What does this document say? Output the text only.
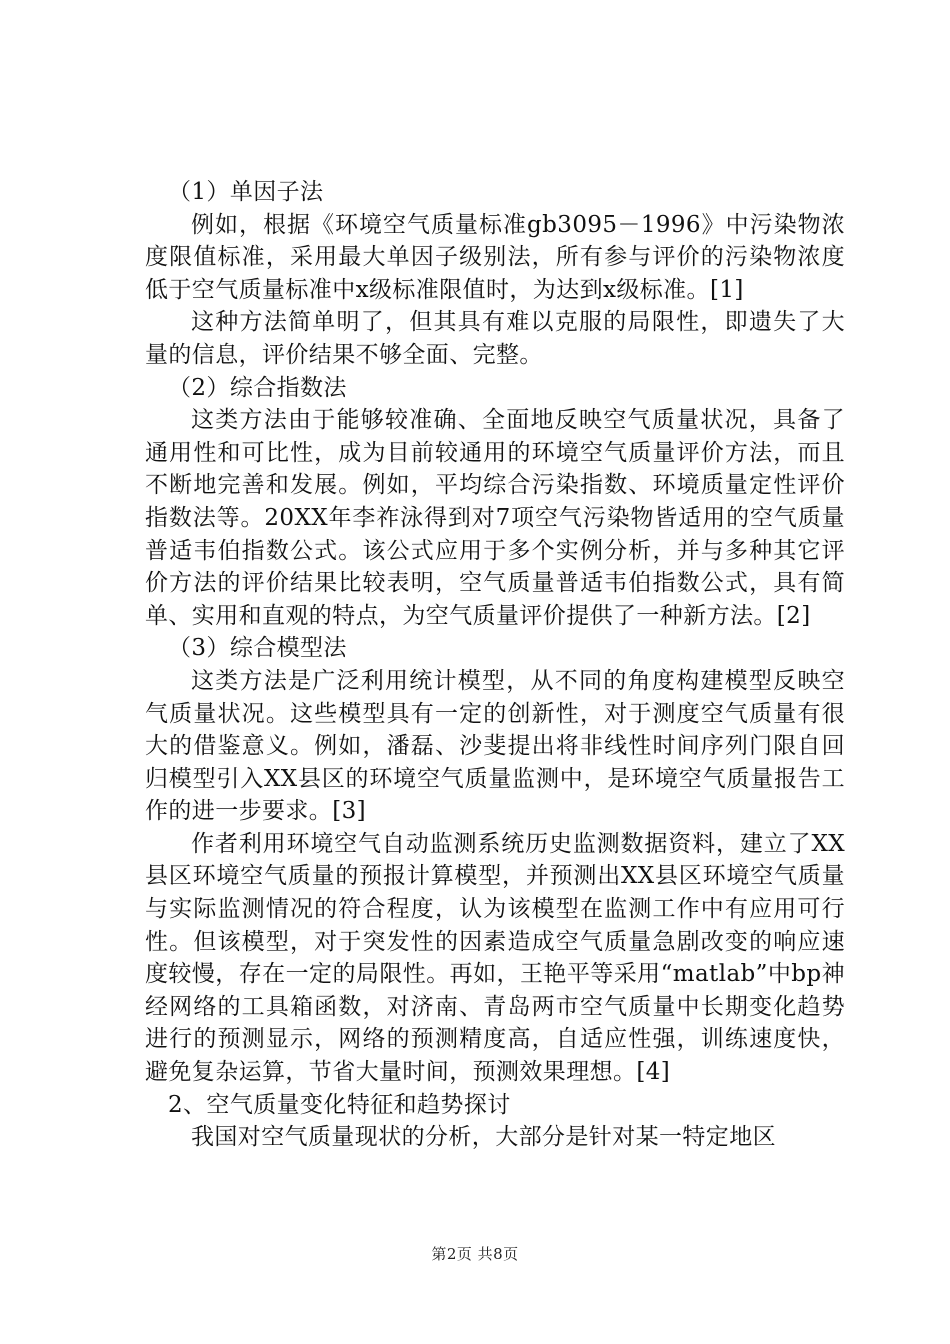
（1）单因子法

例如，根据《环境空气质量标准gb3095－1996》中污染物浓度限值标准，采用最大单因子级别法，所有参与评价的污染物浓度低于空气质量标准中x级标准限值时，为达到x级标准。[1]

这种方法简单明了，但其具有难以克服的局限性，即遗失了大量的信息，评价结果不够全面、完整。

（2）综合指数法

这类方法由于能够较准确、全面地反映空气质量状况，具备了通用性和可比性，成为目前较通用的环境空气质量评价方法，而且不断地完善和发展。例如，平均综合污染指数、环境质量定性评价指数法等。20XX年李祚泳得到对7项空气污染物皆适用的空气质量普适韦伯指数公式。该公式应用于多个实例分析，并与多种其它评价方法的评价结果比较表明，空气质量普适韦伯指数公式，具有简单、实用和直观的特点，为空气质量评价提供了一种新方法。[2]

（3）综合模型法

这类方法是广泛利用统计模型，从不同的角度构建模型反映空气质量状况。这些模型具有一定的创新性，对于测度空气质量有很大的借鉴意义。例如，潘磊、沙斐提出将非线性时间序列门限自回归模型引入XX县区的环境空气质量监测中，是环境空气质量报告工作的进一步要求。[3]

作者利用环境空气自动监测系统历史监测数据资料，建立了XX县区环境空气质量的预报计算模型，并预测出XX县区环境空气质量与实际监测情况的符合程度，认为该模型在监测工作中有应用可行性。但该模型，对于突发性的因素造成空气质量急剧改变的响应速度较慢，存在一定的局限性。再如，王艳平等采用“matlab”中bp神经网络的工具箱函数，对济南、青岛两市空气质量中长期变化趋势进行的预测显示，网络的预测精度高，自适应性强，训练速度快，避免复杂运算，节省大量时间，预测效果理想。[4]

2、空气质量变化特征和趋势探讨

我国对空气质量现状的分析，大部分是针对某一特定地区

第2页 共8页
